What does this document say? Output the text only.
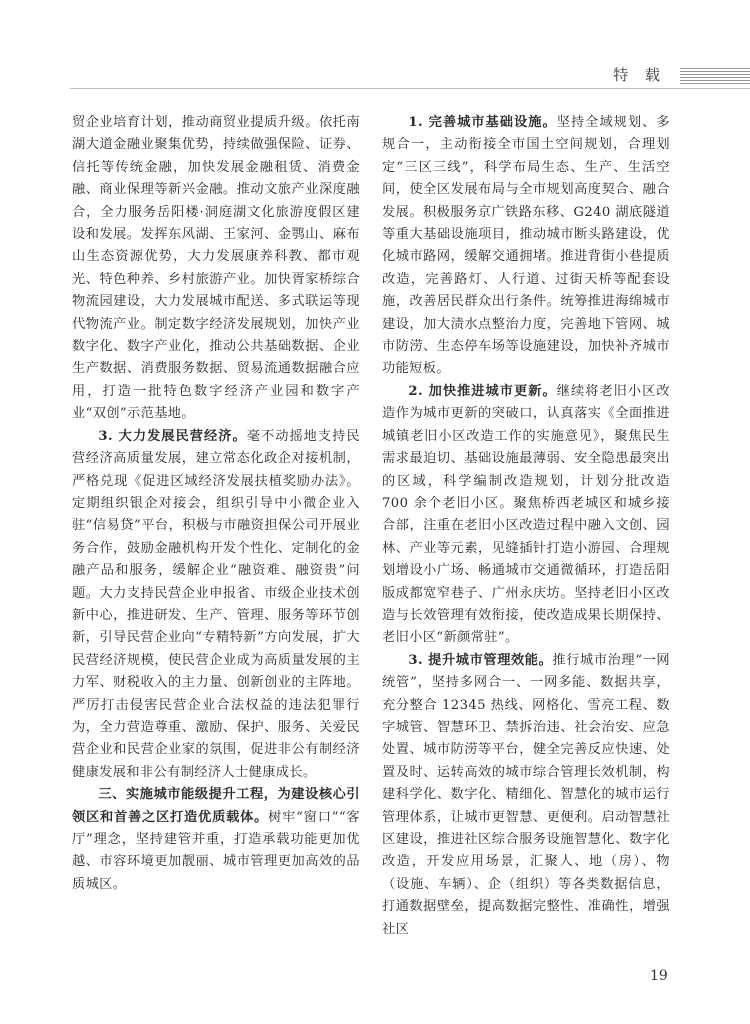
特 载

贸企业培育计划，推动商贸业提质升级。依托南湖大道金融业聚集优势，持续做强保险、证券、信托等传统金融，加快发展金融租赁、消费金融、商业保理等新兴金融。推动文旅产业深度融合，全力服务岳阳楼·洞庭湖文化旅游度假区建设和发展。发挥东风湖、王家河、金鹗山、麻布山生态资源优势，大力发展康养科教、都市观光、特色种养、乡村旅游产业。加快胥家桥综合物流园建设，大力发展城市配送、多式联运等现代物流产业。制定数字经济发展规划，加快产业数字化、数字产业化，推动公共基础数据、企业生产数据、消费服务数据、贸易流通数据融合应用，打造一批特色数字经济产业园和数字产业“双创”示范基地。

3. 大力发展民营经济。毫不动摇地支持民营经济高质量发展，建立常态化政企对接机制，严格兑现《促进区域经济发展扶植奖励办法》。定期组织银企对接会，组织引导中小微企业入驻“信易贷”平台，积极与市融资担保公司开展业务合作，鼓励金融机构开发个性化、定制化的金融产品和服务，缓解企业“融资难、融资贵”问题。大力支持民营企业申报省、市级企业技术创新中心，推进研发、生产、管理、服务等环节创新，引导民营企业向“专精特新”方向发展，扩大民营经济规模，使民营企业成为高质量发展的主力军、财税收入的主力量、创新创业的主阵地。严厉打击侵害民营企业合法权益的违法犯罪行为，全力营造尊重、激励、保护、服务、关爱民营企业和民营企业家的氛围，促进非公有制经济健康发展和非公有制经济人士健康成长。

三、实施城市能级提升工程，为建设核心引领区和首善之区打造优质载体。树牢“窗口”“客厅”理念，坚持建管并重，打造承载功能更加优越、市容环境更加靓丽、城市管理更加高效的品质城区。

1. 完善城市基础设施。坚持全域规划、多规合一，主动衔接全市国土空间规划，合理划定“三区三线”，科学布局生态、生产、生活空间，使全区发展布局与全市规划高度契合、融合发展。积极服务京广铁路东移、G240 湖底隧道等重大基础设施项目，推动城市断头路建设，优化城市路网，缓解交通拥堵。推进背街小巷提质改造，完善路灯、人行道、过街天桥等配套设施，改善居民群众出行条件。统筹推进海绵城市建设，加大渍水点整治力度，完善地下管网、城市防涝、生态停车场等设施建设，加快补齐城市功能短板。

2. 加快推进城市更新。继续将老旧小区改造作为城市更新的突破口，认真落实《全面推进城镇老旧小区改造工作的实施意见》，聚焦民生需求最迫切、基础设施最薄弱、安全隐患最突出的区域，科学编制改造规划，计划分批改造 700 余个老旧小区。聚焦桥西老城区和城乡接合部，注重在老旧小区改造过程中融入文创、园林、产业等元素，见缝插针打造小游园、合理规划增设小广场、畅通城市交通微循环，打造岳阳版成都宽窄巷子、广州永庆坊。坚持老旧小区改造与长效管理有效衔接，使改造成果长期保持、老旧小区“新颜常驻”。

3. 提升城市管理效能。推行城市治理“一网统管”，坚持多网合一、一网多能、数据共享，充分整合 12345 热线、网格化、雪亮工程、数字城管、智慧环卫、禁拆治违、社会治安、应急处置、城市防涝等平台，健全完善反应快速、处置及时、运转高效的城市综合管理长效机制，构建科学化、数字化、精细化、智慧化的城市运行管理体系，让城市更智慧、更便利。启动智慧社区建设，推进社区综合服务设施智慧化、数字化改造，开发应用场景，汇聚人、地（房）、物（设施、车辆）、企（组织）等各类数据信息，打通数据壁垒，提高数据完整性、准确性，增强社区

19
